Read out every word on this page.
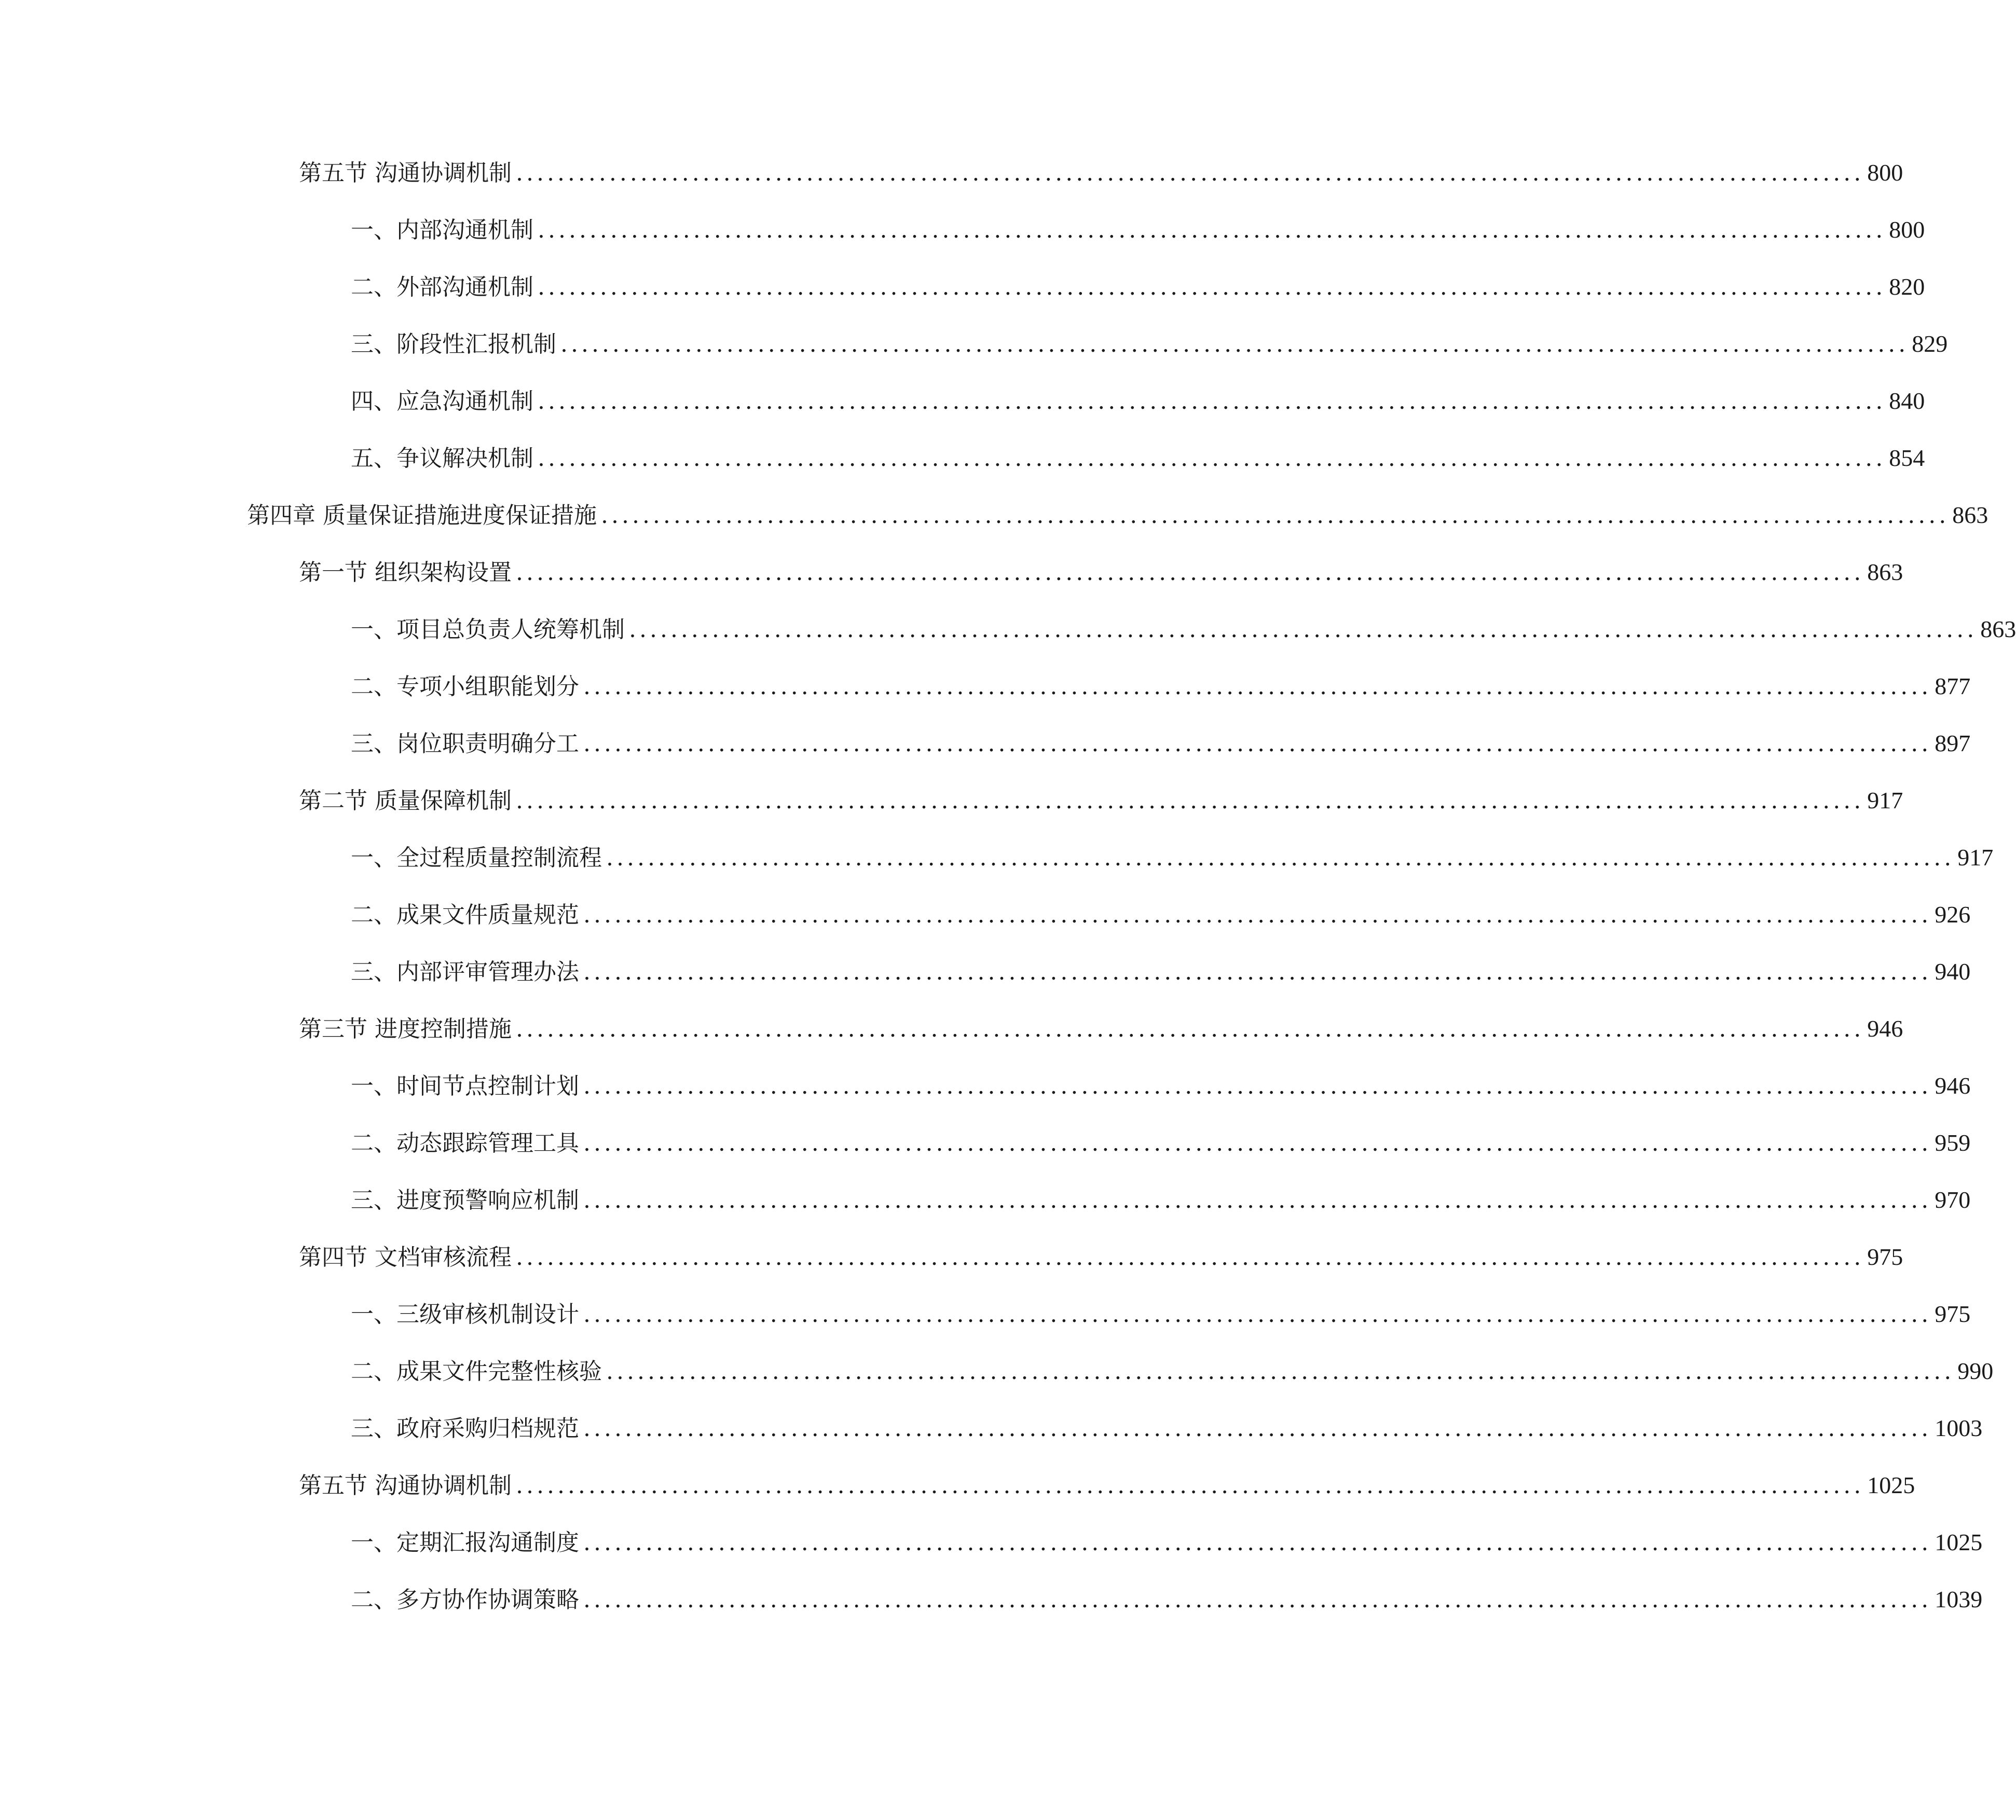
第五节 沟通协调机制 .................................................................................................................................. 800
一、 内部沟通机制 .................................................................................................................................. 800
二、 外部沟通机制 .................................................................................................................................. 820
三、 阶段性汇报机制 .................................................................................................................................. 829
四、 应急沟通机制 .................................................................................................................................. 840
五、 争议解决机制 .................................................................................................................................. 854
第四章 质量保证措施进度保证措施 .................................................................................................................................. 863
第一节 组织架构设置 .................................................................................................................................. 863
一、 项目总负责人统筹机制 .................................................................................................................................. 863
二、 专项小组职能划分 .................................................................................................................................. 877
三、 岗位职责明确分工 .................................................................................................................................. 897
第二节 质量保障机制 .................................................................................................................................. 917
一、 全过程质量控制流程 .................................................................................................................................. 917
二、 成果文件质量规范 .................................................................................................................................. 926
三、 内部评审管理办法 .................................................................................................................................. 940
第三节 进度控制措施 .................................................................................................................................. 946
一、 时间节点控制计划 .................................................................................................................................. 946
二、 动态跟踪管理工具 .................................................................................................................................. 959
三、 进度预警响应机制 .................................................................................................................................. 970
第四节 文档审核流程 .................................................................................................................................. 975
一、 三级审核机制设计 .................................................................................................................................. 975
二、 成果文件完整性核验 .................................................................................................................................. 990
三、 政府采购归档规范 .................................................................................................................................. 1003
第五节 沟通协调机制 .................................................................................................................................. 1025
一、 定期汇报沟通制度 .................................................................................................................................. 1025
二、 多方协作协调策略 .................................................................................................................................. 1039
